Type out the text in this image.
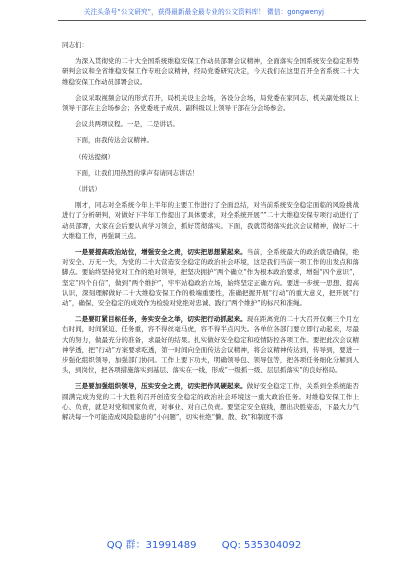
关注头条号“公文研究”，获得最新最全最专业的公文资料库！ 微信：gongwenyj

同志们：

为深入贯彻党的二十大全国系统维稳安保工作动员部署会议精神，全面落实全国系统安全稳定形势研判会议和全省维稳安保工作专班会议精神，经局党委研究决定，今天我们在这里召开全省系统二十大维稳安保工作动员部署会议。

会议采取视频会议的形式召开，局机关设主会场，各设分会场，局党委在家同志，机关副处级以上领导干部在主会场参会；各党委班子成员、副科级以上领导干部在分会场参会。

会议共两项议程。一是，二是讲话。

下面，由我传达会议精神。

（传达提纲）

下面，让我们用热烈的掌声有请同志讲话！

（讲话）

刚才，同志对全系统今年上半年的主要工作进行了全面总结，对当前系统安全稳定面临的风险挑战进行了分析研判，对做好下半年工作提出了具体要求，对全系统开展“”二十大维稳安保专项行动进行了动员部署，大家在会后要认真学习领会，抓好贯彻落实。下面，我就贯彻落实此次会议精神，做好二十大维稳工作，再强调三点。

一是要提高政治站位，增强安全之责，切实把思想紧起来。当前，全系统最大的政治就是确保，绝对安全、万无一失，为党的二十大营造安全稳定的政治社会环境，这是我们当前一项工作的出发点和落脚点。要始终坚持党对工作的绝对领导，把坚决拥护“两个确立”作为根本政治要求，增强“四个意识”，坚定“四个自信”，做到“两个维护”，牢牢站稳政治立场，始终坚定正确方向。要进一步统一思想、提高认识，深刻理解做好二十大维稳安保工作的极端重要性，准确把握开展“行动”的重大意义，把开展“行动”，确保、安全稳定的成效作为检验对党绝对忠诚、践行“两个维护”的标尺和准绳。

二是要盯紧目标任务，务实安全之举，切实把行动抓起来。现在距离党的二十大召开仅剩三个月左右时间，时间紧迫、任务重，容不得丝毫马虎，容不得半点闪失。各单位各部门要立即行动起来，尽最大的努力，做最充分的准备，求最好的结果。扎实做好安全稳定和疫情防控各项工作。要把此次会议精神学透，把“行动”方案要求吃透，第一时间向全面传达会议精神，将会议精神传达到，传导到，要进一步强化组织领导，加强部门协同。工作上要下功夫，明确领导包、领导包等，把各项任务细化分解到人头，到岗位，把各项措施落实到基层、落实在一线，形成“一级抓一级、层层抓落实”的良好格局。

三是要加强组织领导，压实安全之责，切实把作风硬起来。做好安全稳定工作，关系到全系统能否圆满完成为党的二十大胜利召开创造安全稳定的政治社会环境这一重大政治任务。对维稳安保工作上心、负责，就是对党和国家负责，对事业、对自己负责。要坚定安全底线，摆出决胜姿态，下最大力气解决每一个可能造成风险隐患的“小问题”，切实杜绝“懒、散、软”和制度不落

QQ 群：31991489	QQ: 535304092
